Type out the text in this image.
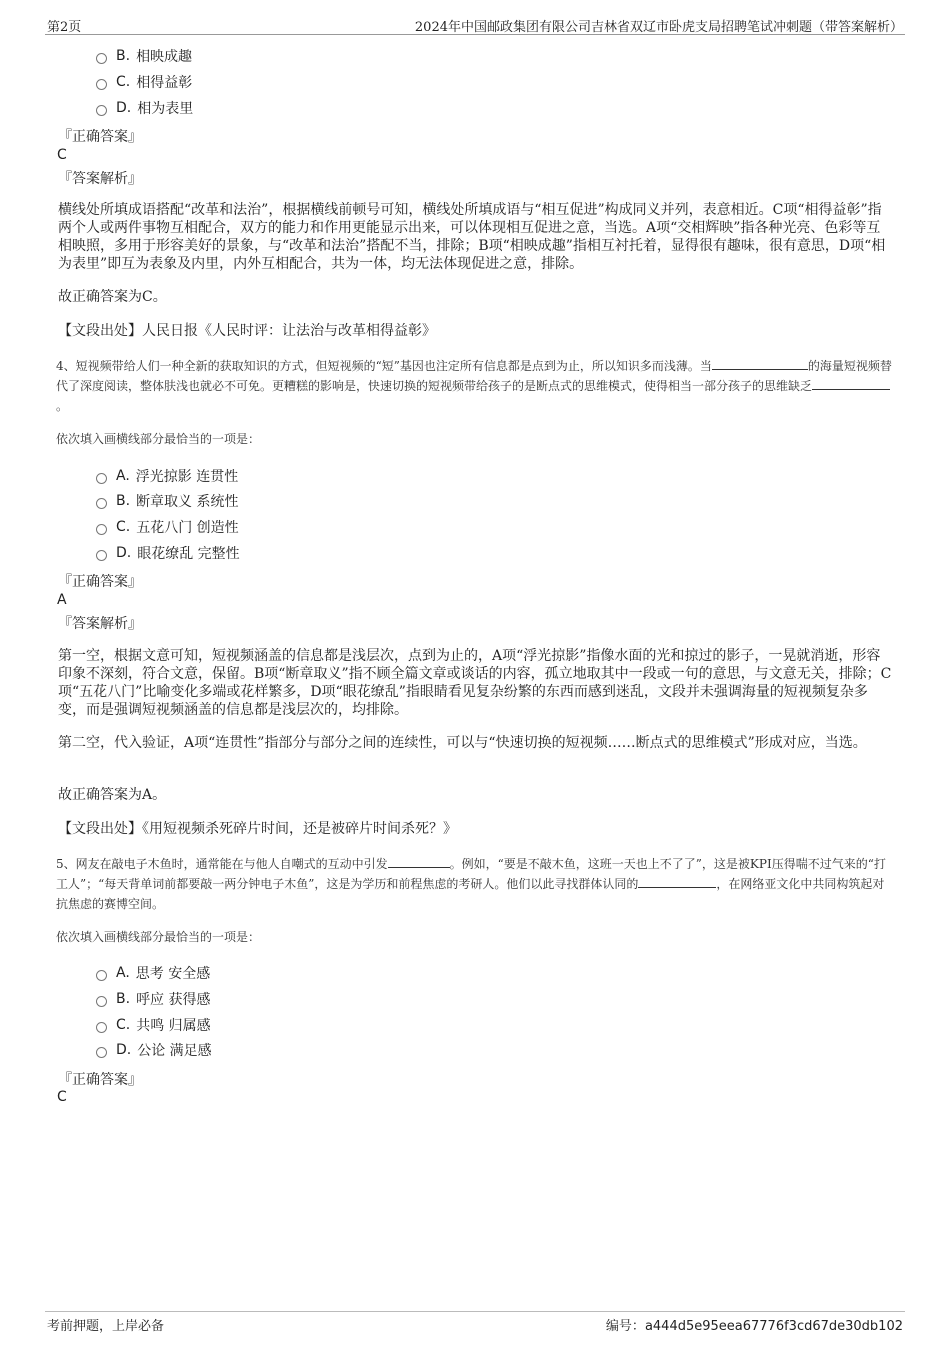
第2页	2024年中国邮政集团有限公司吉林省双辽市卧虎支局招聘笔试冲刺题（带答案解析）
B. 相映成趣
C. 相得益彰
D. 相为表里
『正确答案』
C
『答案解析』
横线处所填成语搭配“改革和法治”，根据横线前顿号可知，横线处所填成语与“相互促进”构成同义并列，表意相近。C项“相得益彰”指两个人或两件事物互相配合，双方的能力和作用更能显示出来，可以体现相互促进之意，当选。A项“交相辉映”指各种光亮、色彩等互相映照，多用于形容美好的景象，与“改革和法治”搭配不当，排除；B项“相映成趣”指相互衬托着，显得很有趣味，很有意思，D项“相为表里”即互为表象及内里，内外互相配合，共为一体，均无法体现促进之意，排除。
故正确答案为C。
【文段出处】人民日报《人民时评：让法治与改革相得益彰》
4、短视频带给人们一种全新的获取知识的方式，但短视频的“短”基因也注定所有信息都是点到为止，所以知识多而浅薄。当	的海量短视频替代了深度阅读，整体肤浅也就必不可免。更糟糕的影响是，快速切换的短视频带给孩子的是断点式的思维模式，使得相当一部分孩子的思维缺乏。
依次填入画横线部分最恰当的一项是：
A. 浮光掠影 连贯性
B. 断章取义 系统性
C. 五花八门 创造性
D. 眼花缭乱 完整性
『正确答案』
A
『答案解析』
第一空，根据文意可知，短视频涵盖的信息都是浅层次，点到为止的，A项“浮光掠影”指像水面的光和掠过的影子，一晃就消逝，形容印象不深刻，符合文意，保留。B项“断章取义”指不顾全篇文章或谈话的内容，孤立地取其中一段或一句的意思，与文意无关，排除；C项“五花八门”比喻变化多端或花样繁多，D项“眼花缭乱”指眼睛看见复杂纷繁的东西而感到迷乱，文段并未强调海量的短视频复杂多变，而是强调短视频涵盖的信息都是浅层次的，均排除。
第二空，代入验证，A项“连贯性”指部分与部分之间的连续性，可以与“快速切换的短视频……断点式的思维模式”形成对应，当选。
故正确答案为A。
【文段出处】《用短视频杀死碎片时间，还是被碎片时间杀死？》
5、网友在敲电子木鱼时，通常能在与他人自嘲式的互动中引发	。例如，“要是不敲木鱼，这班一天也上不了了”，这是被KPI压得喘不过气来的“打工人”；“每天背单词前都要敲一两分钟电子木鱼”，这是为学历和前程焦虑的考研人。他们以此寻找群体认同的	，在网络亚文化中共同构筑起对抗焦虑的赛博空间。
依次填入画横线部分最恰当的一项是：
A. 思考 安全感
B. 呼应 获得感
C. 共鸣 归属感
D. 公论 满足感
『正确答案』
C
考前押题，上岸必备	编号：a444d5e95eea67776f3cd67de30db102
